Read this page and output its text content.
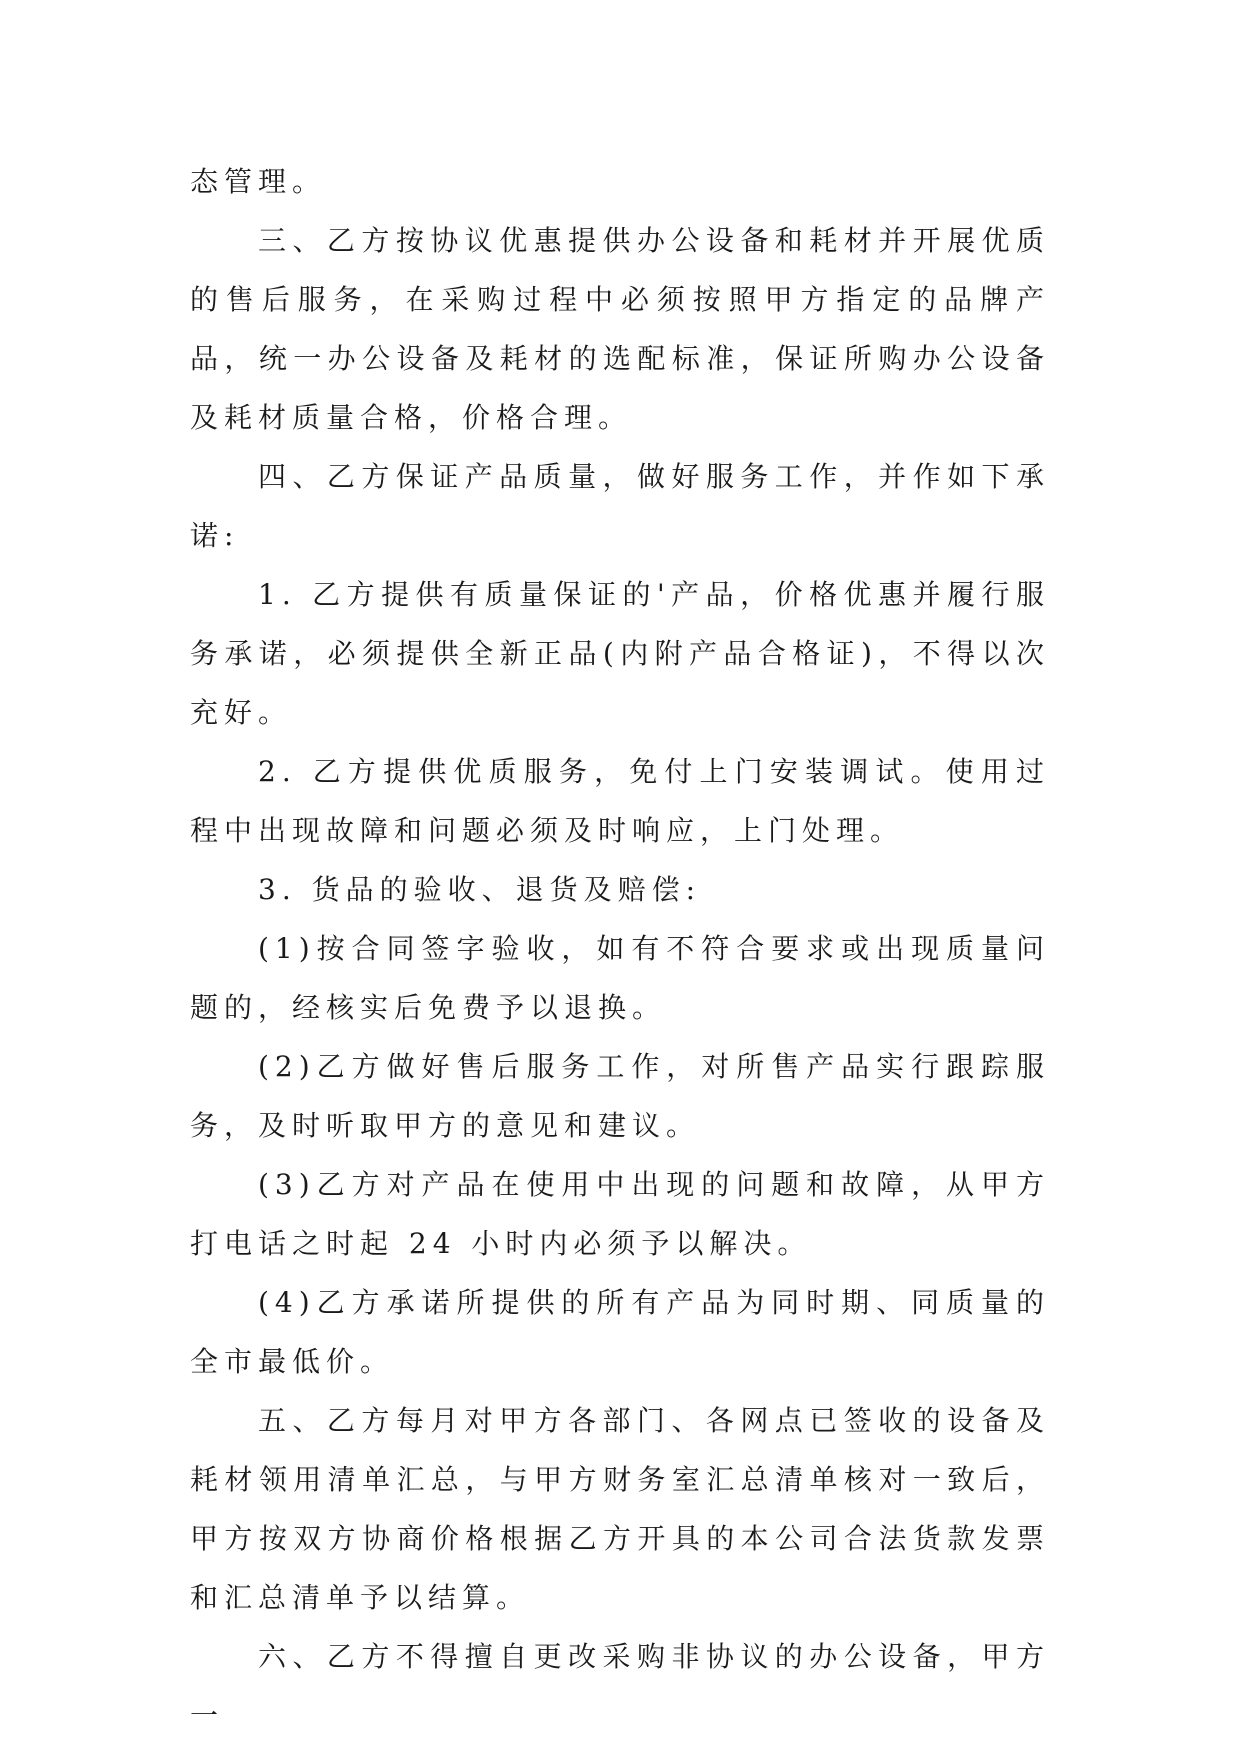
态管理。

三、乙方按协议优惠提供办公设备和耗材并开展优质的售后服务，在采购过程中必须按照甲方指定的品牌产品，统一办公设备及耗材的选配标准，保证所购办公设备及耗材质量合格，价格合理。

四、乙方保证产品质量，做好服务工作，并作如下承诺:

1. 乙方提供有质量保证的'产品，价格优惠并履行服务承诺，必须提供全新正品(内附产品合格证)，不得以次充好。

2. 乙方提供优质服务，免付上门安装调试。使用过程中出现故障和问题必须及时响应，上门处理。

3. 货品的验收、退货及赔偿:

(1)按合同签字验收，如有不符合要求或出现质量问题的，经核实后免费予以退换。

(2)乙方做好售后服务工作，对所售产品实行跟踪服务，及时听取甲方的意见和建议。

(3)乙方对产品在使用中出现的问题和故障，从甲方打电话之时起 24 小时内必须予以解决。

(4)乙方承诺所提供的所有产品为同时期、同质量的全市最低价。

五、乙方每月对甲方各部门、各网点已签收的设备及耗材领用清单汇总，与甲方财务室汇总清单核对一致后，甲方按双方协商价格根据乙方开具的本公司合法货款发票和汇总清单予以结算。

六、乙方不得擅自更改采购非协议的办公设备，甲方一
